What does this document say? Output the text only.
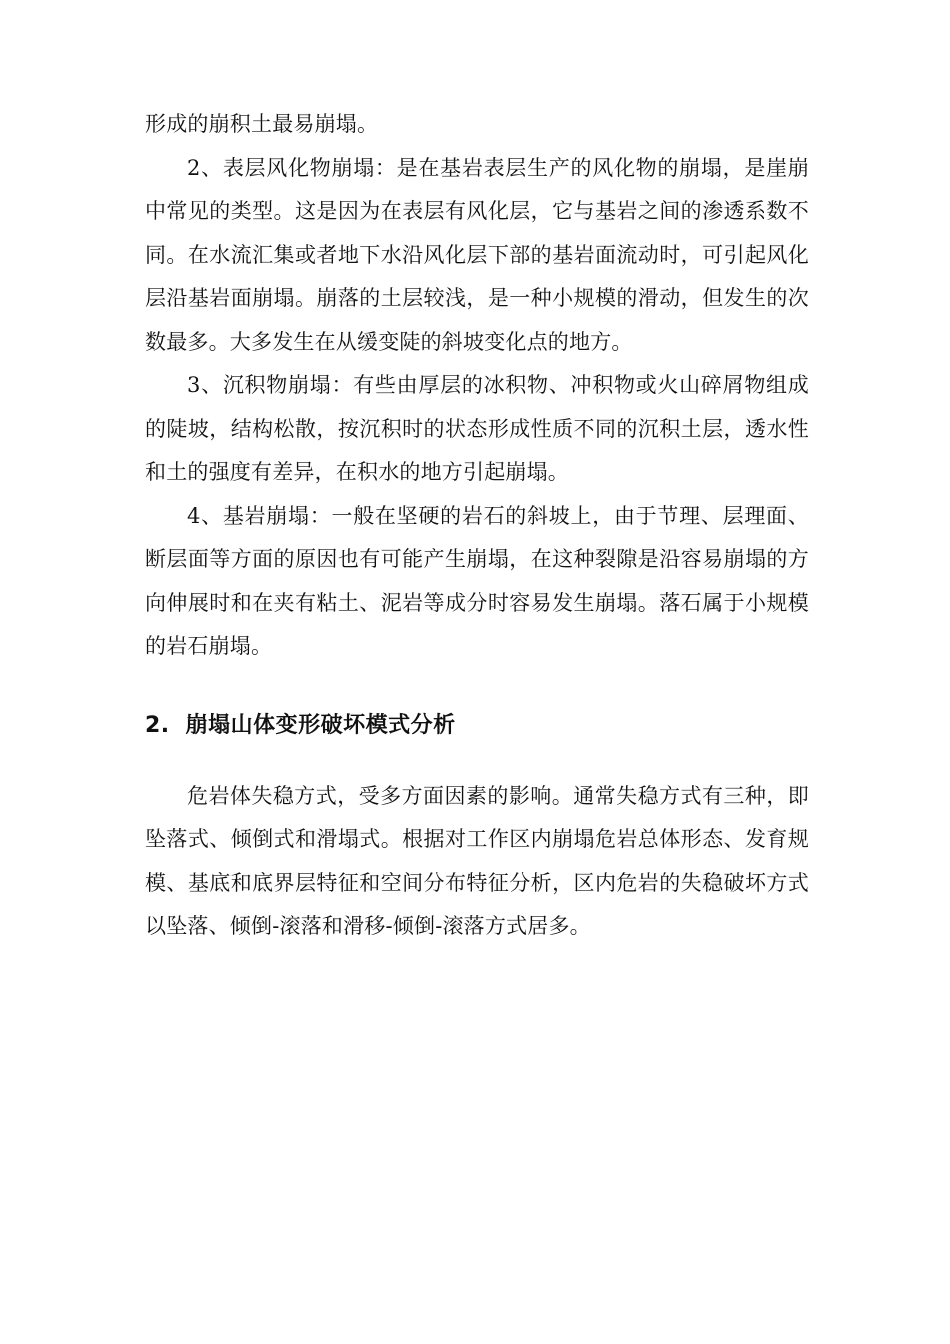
形成的崩积土最易崩塌。

2、表层风化物崩塌：是在基岩表层生产的风化物的崩塌，是崖崩中常见的类型。这是因为在表层有风化层，它与基岩之间的渗透系数不同。在水流汇集或者地下水沿风化层下部的基岩面流动时，可引起风化层沿基岩面崩塌。崩落的土层较浅，是一种小规模的滑动，但发生的次数最多。大多发生在从缓变陡的斜坡变化点的地方。

3、沉积物崩塌：有些由厚层的冰积物、冲积物或火山碎屑物组成的陡坡，结构松散，按沉积时的状态形成性质不同的沉积土层，透水性和土的强度有差异，在积水的地方引起崩塌。

4、基岩崩塌：一般在坚硬的岩石的斜坡上，由于节理、层理面、断层面等方面的原因也有可能产生崩塌，在这种裂隙是沿容易崩塌的方向伸展时和在夹有粘土、泥岩等成分时容易发生崩塌。落石属于小规模的岩石崩塌。

2. 崩塌山体变形破坏模式分析

危岩体失稳方式，受多方面因素的影响。通常失稳方式有三种，即坠落式、倾倒式和滑塌式。根据对工作区内崩塌危岩总体形态、发育规模、基底和底界层特征和空间分布特征分析，区内危岩的失稳破坏方式以坠落、倾倒-滚落和滑移-倾倒-滚落方式居多。
